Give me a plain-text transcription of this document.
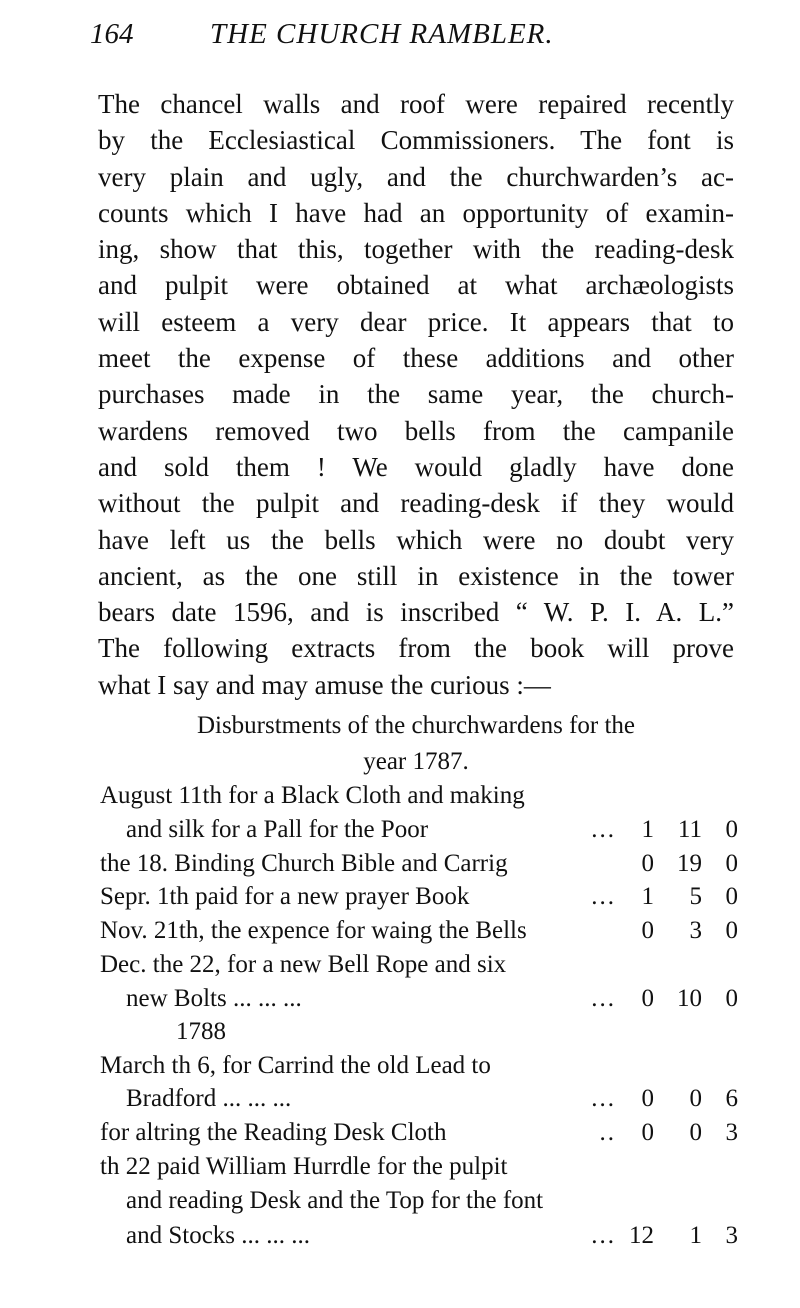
164	THE CHURCH RAMBLER.
The chancel walls and roof were repaired recently
by the Ecclesiastical Commissioners. The font is
very plain and ugly, and the churchwarden’s ac-
counts which I have had an opportunity of examin-
ing, show that this, together with the reading-desk
and pulpit were obtained at what archæologists
will esteem a very dear price. It appears that to
meet the expense of these additions and other
purchases made in the same year, the church-
wardens removed two bells from the campanile
and sold them ! We would gladly have done
without the pulpit and reading-desk if they would
have left us the bells which were no doubt very
ancient, as the one still in existence in the tower
bears date 1596, and is inscribed “ W. P. I. A. L.”
The following extracts from the book will prove
what I say and may amuse the curious :—
Disburstments of the churchwardens for the
year 1787.
August 11th for a Black Cloth and making
and silk for a Pall for the Poor	...	1 11 0
the 18. Binding Church Bible and Carrig	0 19 0
Sepr. 1th paid for a new prayer Book	...	1	5 0
Nov. 21th, the expence for waing the Bells	0	3 0
Dec. the 22, for a new Bell Rope and six
new Bolts ... ... ...	...	0 10 0
1788
March th 6, for Carrind the old Lead to
Bradford ... ... ...	...	0	0 6
for altring the Reading Desk Cloth	..	0	0 3
th 22 paid William Hurrdle for the pulpit
and reading Desk and the Top for the font
and Stocks ... ... ...	... 12	1 3
